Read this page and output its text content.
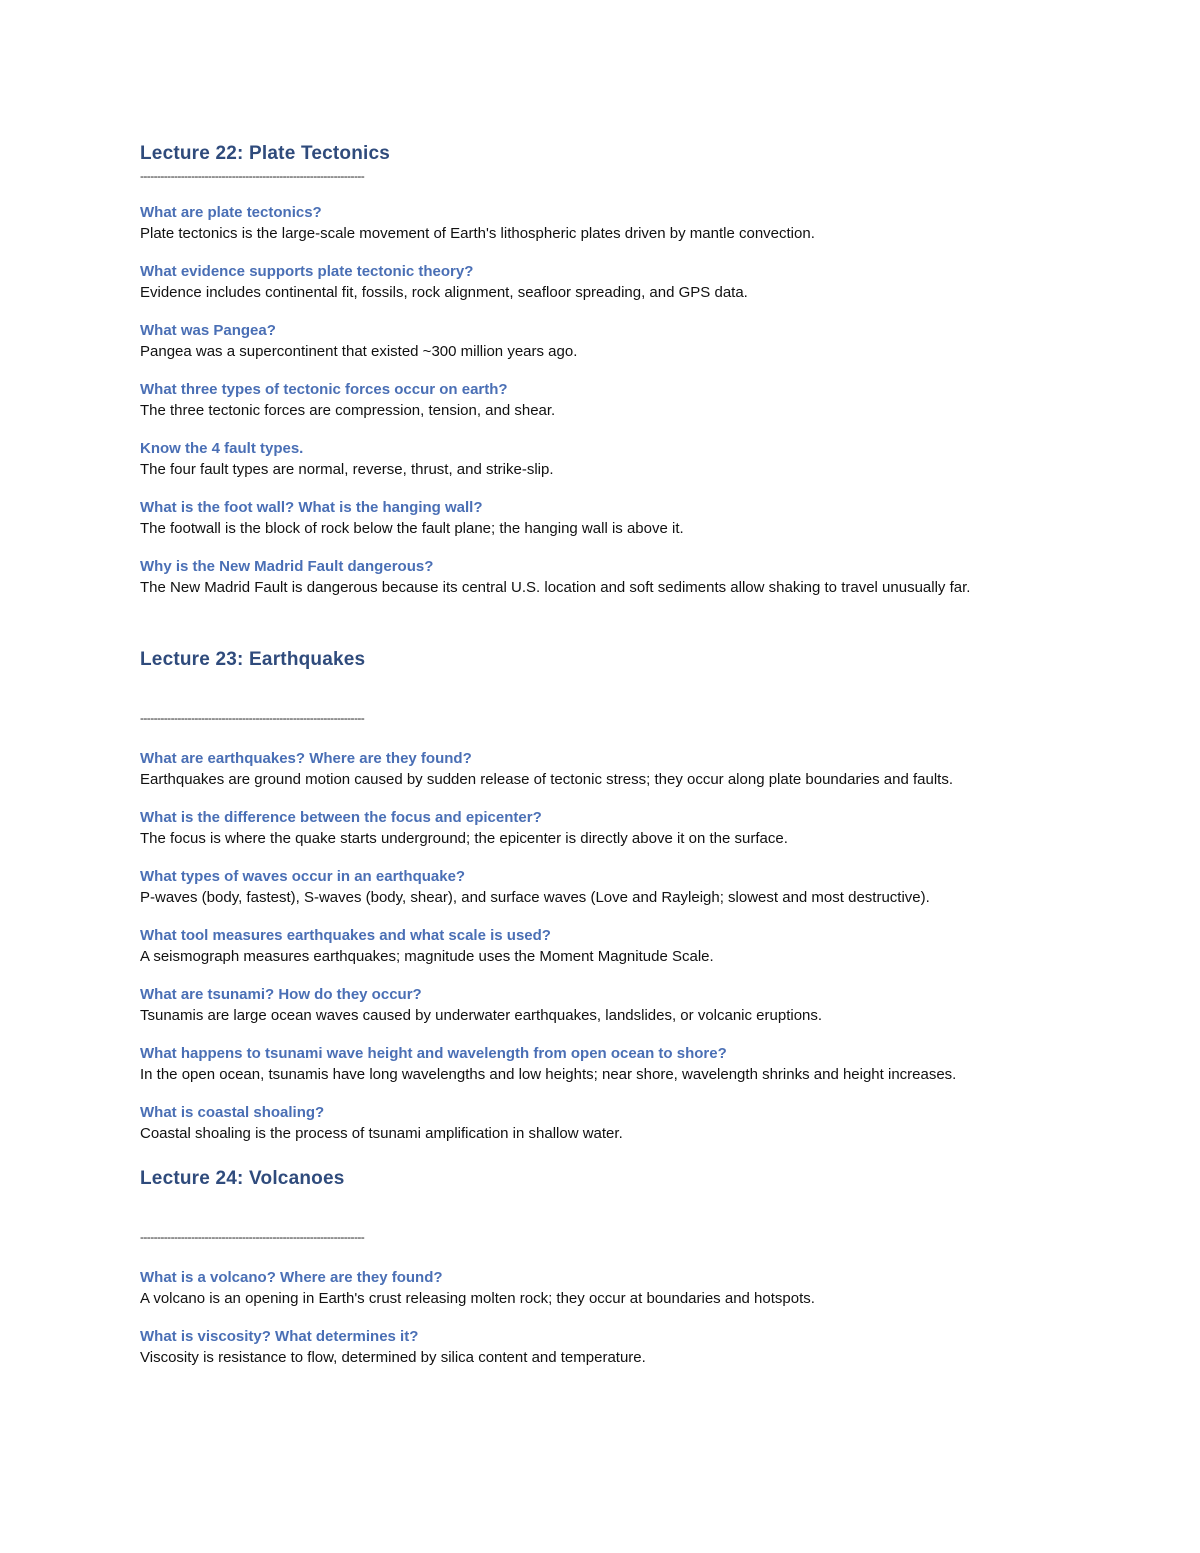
Lecture 22: Plate Tectonics
------------------------------------------------------------------
What are plate tectonics?
Plate tectonics is the large-scale movement of Earth's lithospheric plates driven by mantle convection.
What evidence supports plate tectonic theory?
Evidence includes continental fit, fossils, rock alignment, seafloor spreading, and GPS data.
What was Pangea?
Pangea was a supercontinent that existed ~300 million years ago.
What three types of tectonic forces occur on earth?
The three tectonic forces are compression, tension, and shear.
Know the 4 fault types.
The four fault types are normal, reverse, thrust, and strike-slip.
What is the foot wall? What is the hanging wall?
The footwall is the block of rock below the fault plane; the hanging wall is above it.
Why is the New Madrid Fault dangerous?
The New Madrid Fault is dangerous because its central U.S. location and soft sediments allow shaking to travel unusually far.
Lecture 23: Earthquakes
------------------------------------------------------------------
What are earthquakes? Where are they found?
Earthquakes are ground motion caused by sudden release of tectonic stress; they occur along plate boundaries and faults.
What is the difference between the focus and epicenter?
The focus is where the quake starts underground; the epicenter is directly above it on the surface.
What types of waves occur in an earthquake?
P-waves (body, fastest), S-waves (body, shear), and surface waves (Love and Rayleigh; slowest and most destructive).
What tool measures earthquakes and what scale is used?
A seismograph measures earthquakes; magnitude uses the Moment Magnitude Scale.
What are tsunami? How do they occur?
Tsunamis are large ocean waves caused by underwater earthquakes, landslides, or volcanic eruptions.
What happens to tsunami wave height and wavelength from open ocean to shore?
In the open ocean, tsunamis have long wavelengths and low heights; near shore, wavelength shrinks and height increases.
What is coastal shoaling?
Coastal shoaling is the process of tsunami amplification in shallow water.
Lecture 24: Volcanoes
------------------------------------------------------------------
What is a volcano? Where are they found?
A volcano is an opening in Earth's crust releasing molten rock; they occur at boundaries and hotspots.
What is viscosity? What determines it?
Viscosity is resistance to flow, determined by silica content and temperature.
